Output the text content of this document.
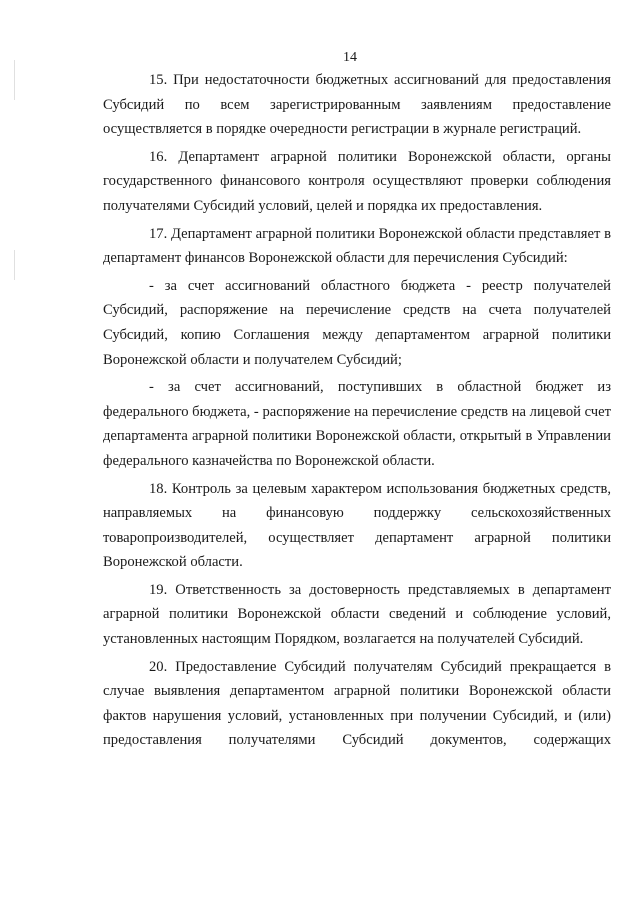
14

15. При недостаточности бюджетных ассигнований для предоставления Субсидий по всем зарегистрированным заявлениям предоставление осуществляется в порядке очередности регистрации в журнале регистраций.

16. Департамент аграрной политики Воронежской области, органы государственного финансового контроля осуществляют проверки соблюдения получателями Субсидий условий, целей и порядка их предоставления.

17. Департамент аграрной политики Воронежской области представляет в департамент финансов Воронежской области для перечисления Субсидий:

- за счет ассигнований областного бюджета - реестр получателей Субсидий, распоряжение на перечисление средств на счета получателей Субсидий, копию Соглашения между департаментом аграрной политики Воронежской области и получателем Субсидий;

- за счет ассигнований, поступивших в областной бюджет из федерального бюджета, - распоряжение на перечисление средств на лицевой счет департамента аграрной политики Воронежской области, открытый в Управлении федерального казначейства по Воронежской области.

18. Контроль за целевым характером использования бюджетных средств, направляемых на финансовую поддержку сельскохозяйственных товаропроизводителей, осуществляет департамент аграрной политики Воронежской области.

19. Ответственность за достоверность представляемых в департамент аграрной политики Воронежской области сведений и соблюдение условий, установленных настоящим Порядком, возлагается на получателей Субсидий.

20. Предоставление Субсидий получателям Субсидий прекращается в случае выявления департаментом аграрной политики Воронежской области фактов нарушения условий, установленных при получении Субсидий, и (или) предоставления получателями Субсидий документов, содержащих
